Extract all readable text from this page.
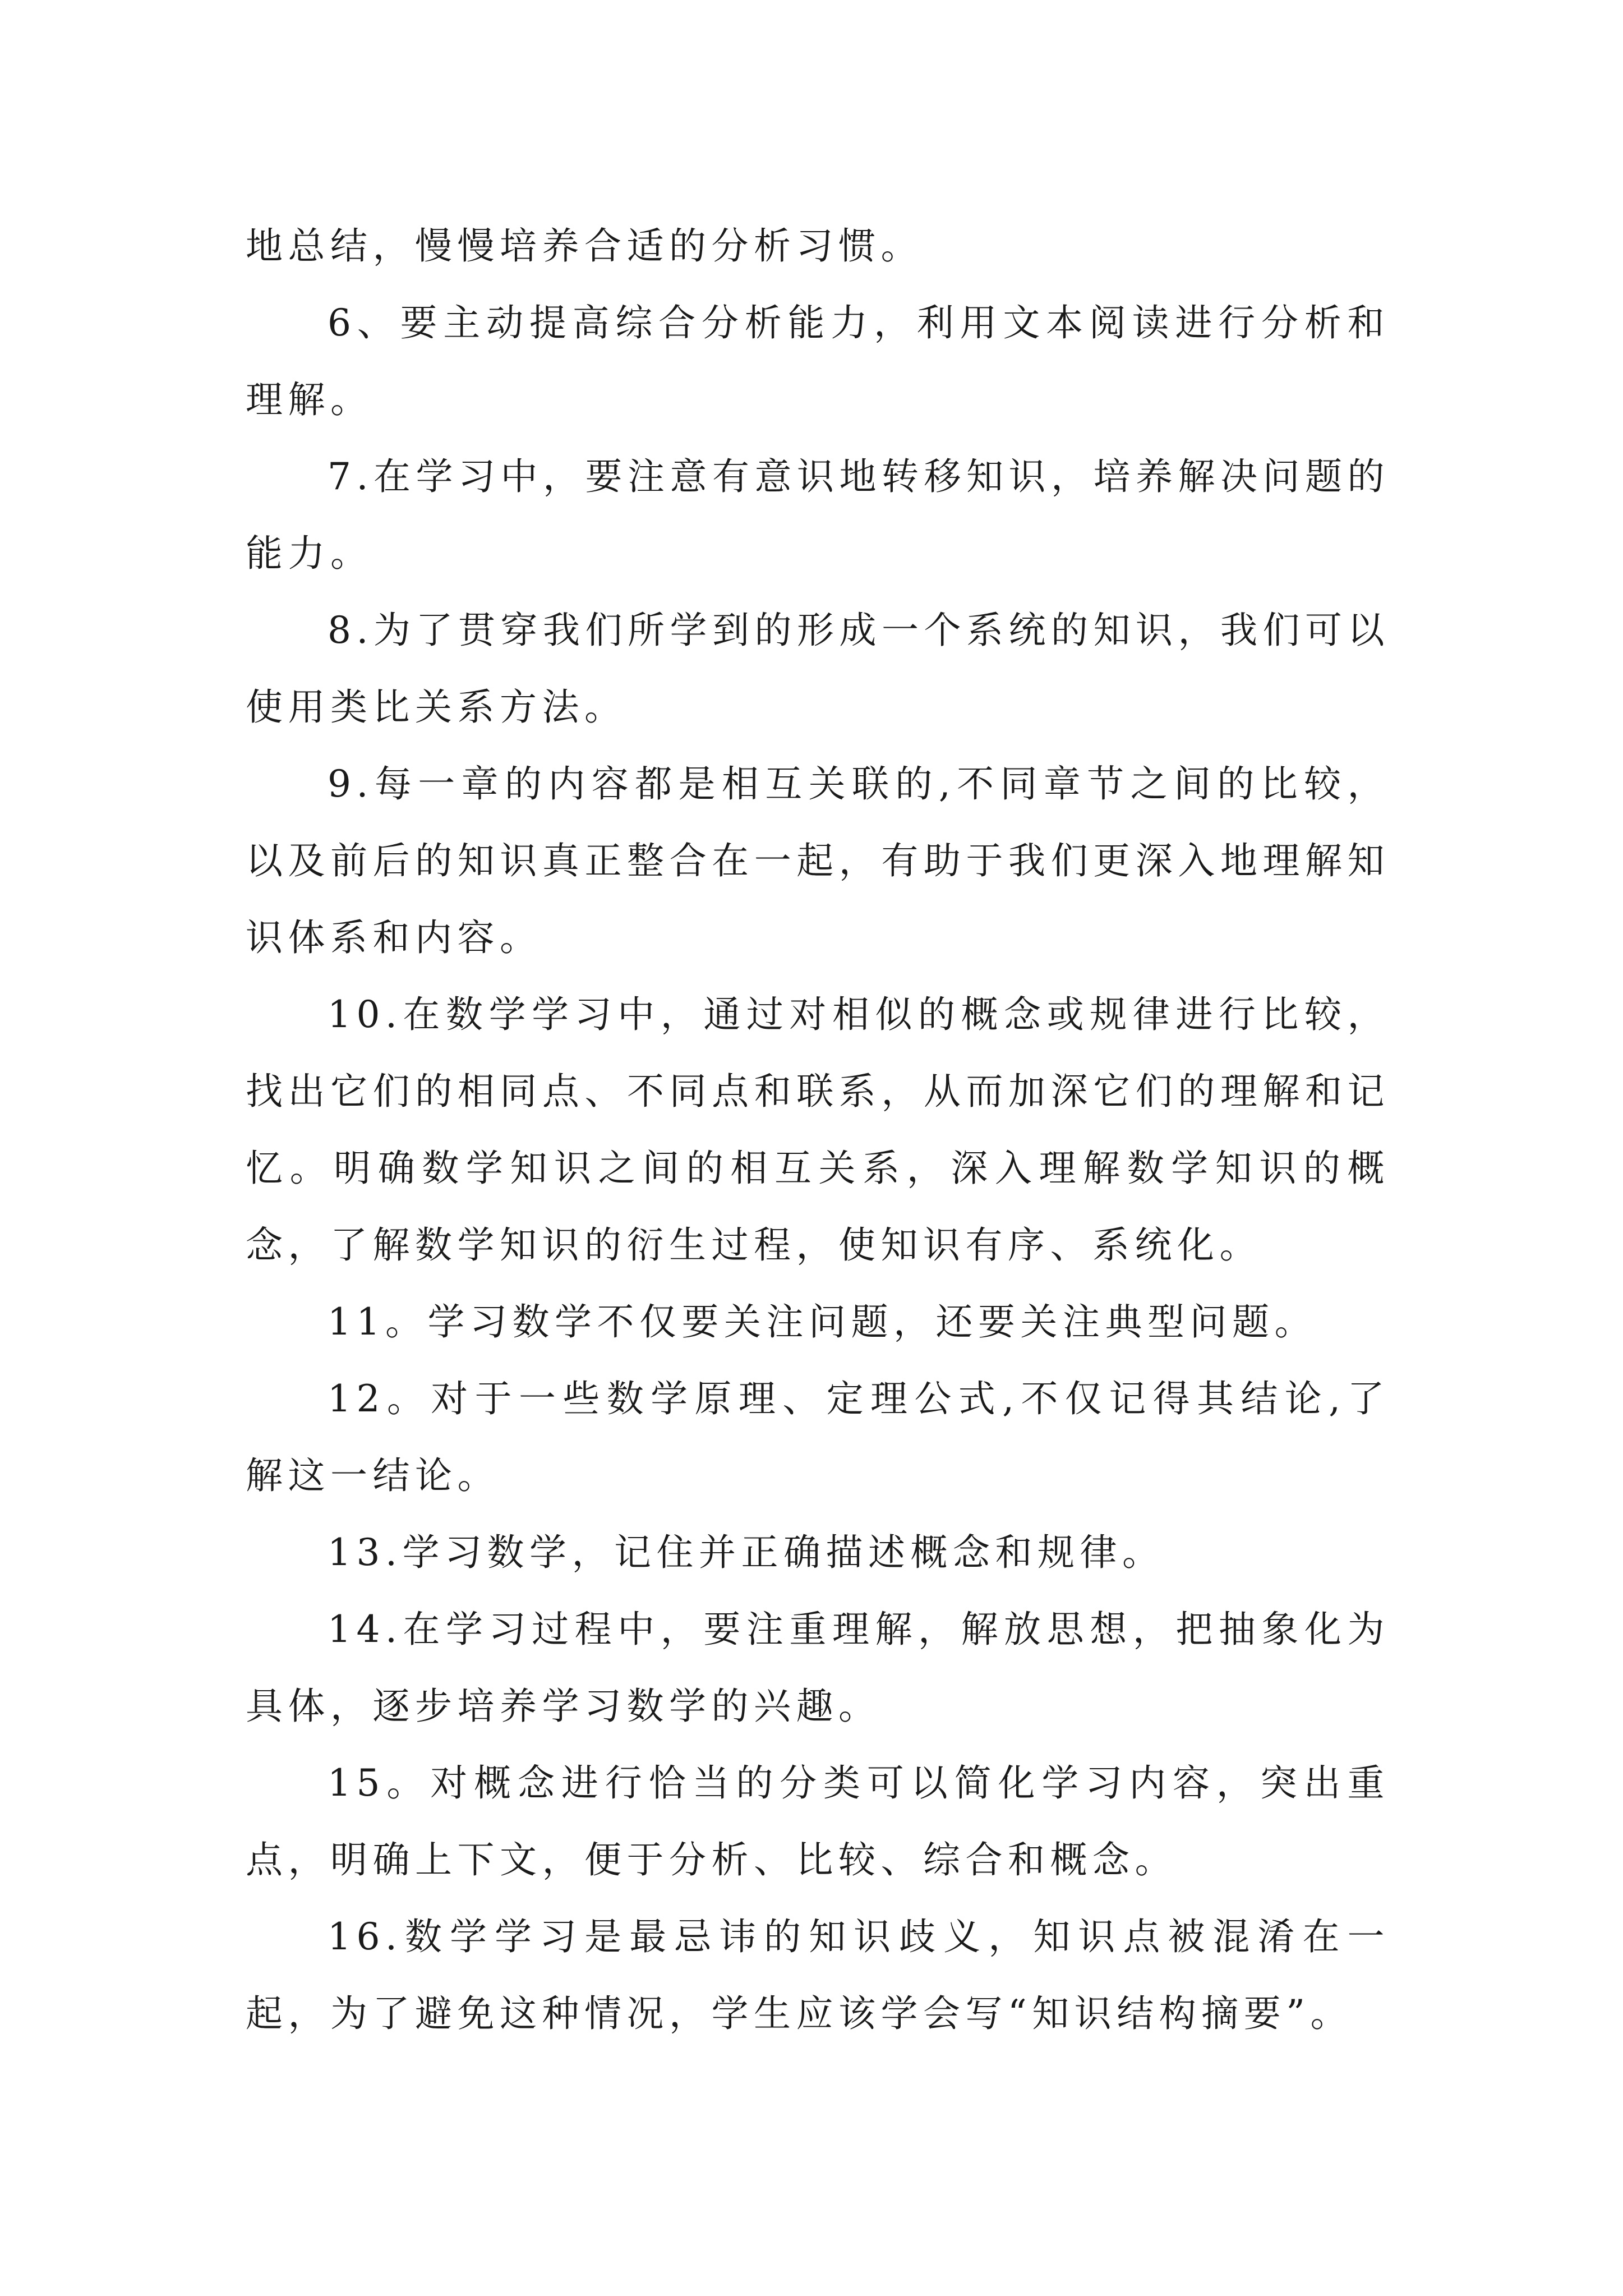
地总结，慢慢培养合适的分析习惯。

6、要主动提高综合分析能力，利用文本阅读进行分析和理解。

7.在学习中，要注意有意识地转移知识，培养解决问题的能力。

8.为了贯穿我们所学到的形成一个系统的知识，我们可以使用类比关系方法。

9.每一章的内容都是相互关联的,不同章节之间的比较，以及前后的知识真正整合在一起，有助于我们更深入地理解知识体系和内容。

10.在数学学习中，通过对相似的概念或规律进行比较，找出它们的相同点、不同点和联系，从而加深它们的理解和记忆。明确数学知识之间的相互关系，深入理解数学知识的概念，了解数学知识的衍生过程，使知识有序、系统化。

11。学习数学不仅要关注问题，还要关注典型问题。

12。对于一些数学原理、定理公式,不仅记得其结论,了解这一结论。

13.学习数学，记住并正确描述概念和规律。

14.在学习过程中，要注重理解，解放思想，把抽象化为具体，逐步培养学习数学的兴趣。

15。对概念进行恰当的分类可以简化学习内容，突出重点，明确上下文，便于分析、比较、综合和概念。

16.数学学习是最忌讳的知识歧义，知识点被混淆在一起，为了避免这种情况，学生应该学会写“知识结构摘要”。
